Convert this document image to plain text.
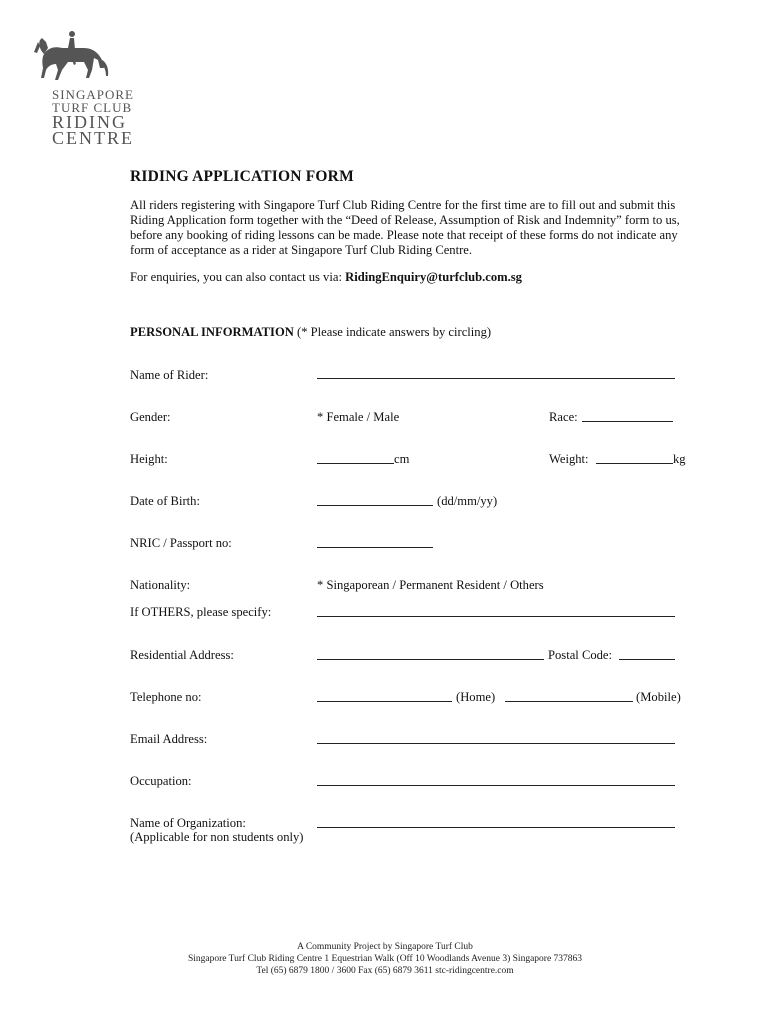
SINGAPORE
TURF CLUB
RIDING
CENTRE
RIDING APPLICATION FORM
All riders registering with Singapore Turf Club Riding Centre for the first time are to fill out and submit this Riding Application form together with the “Deed of Release, Assumption of Risk and Indemnity” form to us, before any booking of riding lessons can be made. Please note that receipt of these forms do not indicate any form of acceptance as a rider at Singapore Turf Club Riding Centre.
For enquiries, you can also contact us via: RidingEnquiry@turfclub.com.sg
PERSONAL INFORMATION (* Please indicate answers by circling)
Name of Rider:
Gender:	* Female / Male	Race:
Height:	cm	Weight:	kg
Date of Birth:	(dd/mm/yy)
NRIC / Passport no:
Nationality:	* Singaporean / Permanent Resident / Others
If OTHERS, please specify:
Residential Address:	Postal Code:
Telephone no:	(Home)	(Mobile)
Email Address:
Occupation:
Name of Organization:
(Applicable for non students only)
A Community Project by Singapore Turf Club
Singapore Turf Club Riding Centre 1 Equestrian Walk (Off 10 Woodlands Avenue 3) Singapore 737863
Tel (65) 6879 1800 / 3600 Fax (65) 6879 3611 stc-ridingcentre.com
